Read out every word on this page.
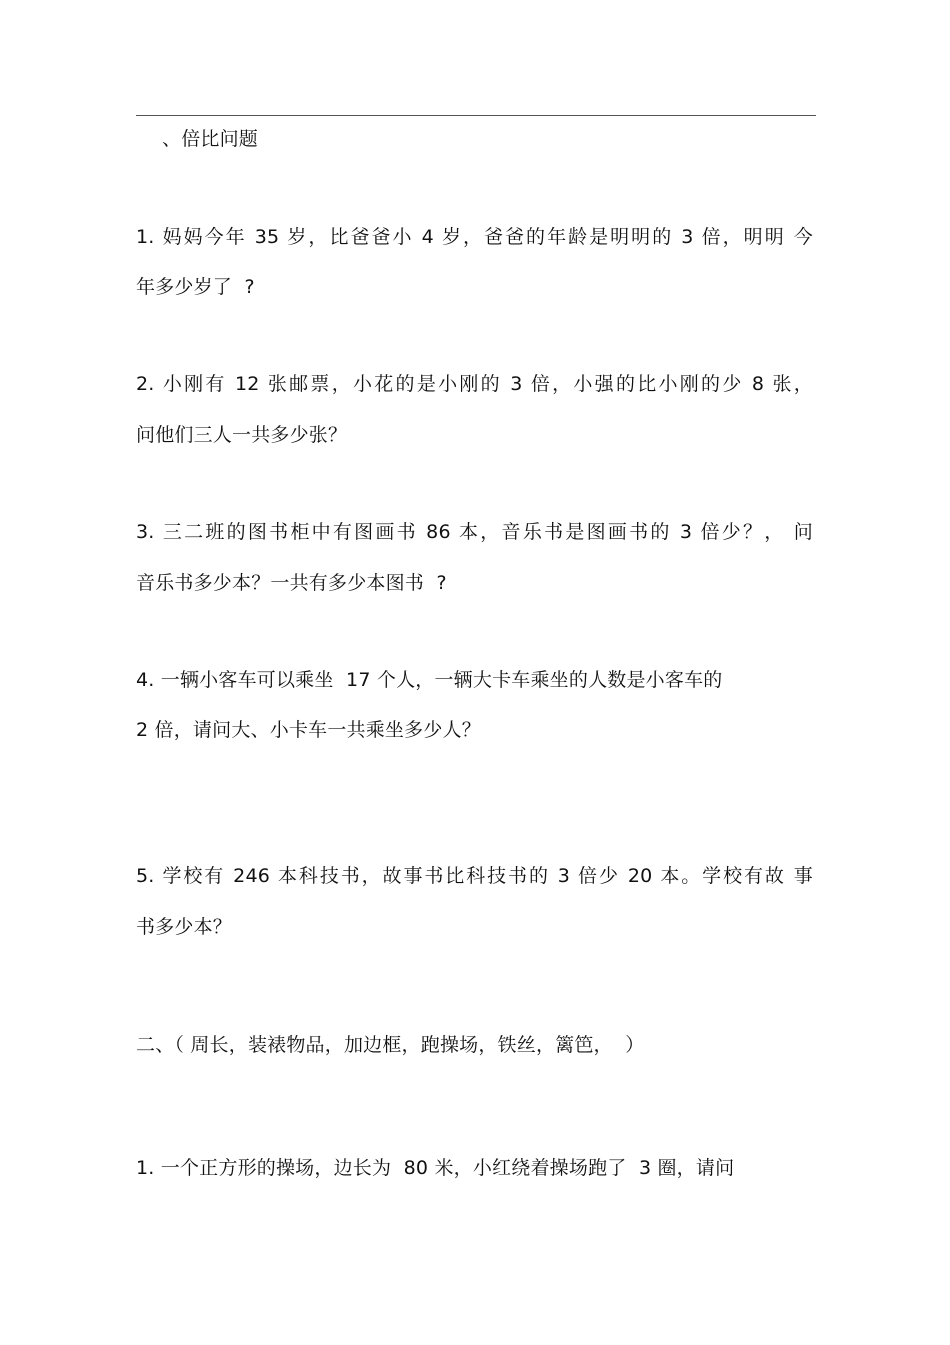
、倍比问题
1. 妈妈今年 35 岁，比爸爸小 4 岁，爸爸的年龄是明明的 3 倍，明明 今
年多少岁了  ?
2. 小刚有 12 张邮票，小花的是小刚的 3 倍，小强的比小刚的少 8 张，
问他们三人一共多少张？
3. 三二班的图书柜中有图画书 86 本，音乐书是图画书的 3 倍少？， 问
音乐书多少本？一共有多少本图书  ?
4. 一辆小客车可以乘坐  17 个人，一辆大卡车乘坐的人数是小客车的
2 倍，请问大、小卡车一共乘坐多少人？
5. 学校有 246 本科技书，故事书比科技书的 3 倍少 20 本。学校有故 事
书多少本？
二、（ 周长，装裱物品，加边框，跑操场，铁丝，篱笆，  ）
1. 一个正方形的操场，边长为  80 米，小红绕着操场跑了  3 圈，请问
